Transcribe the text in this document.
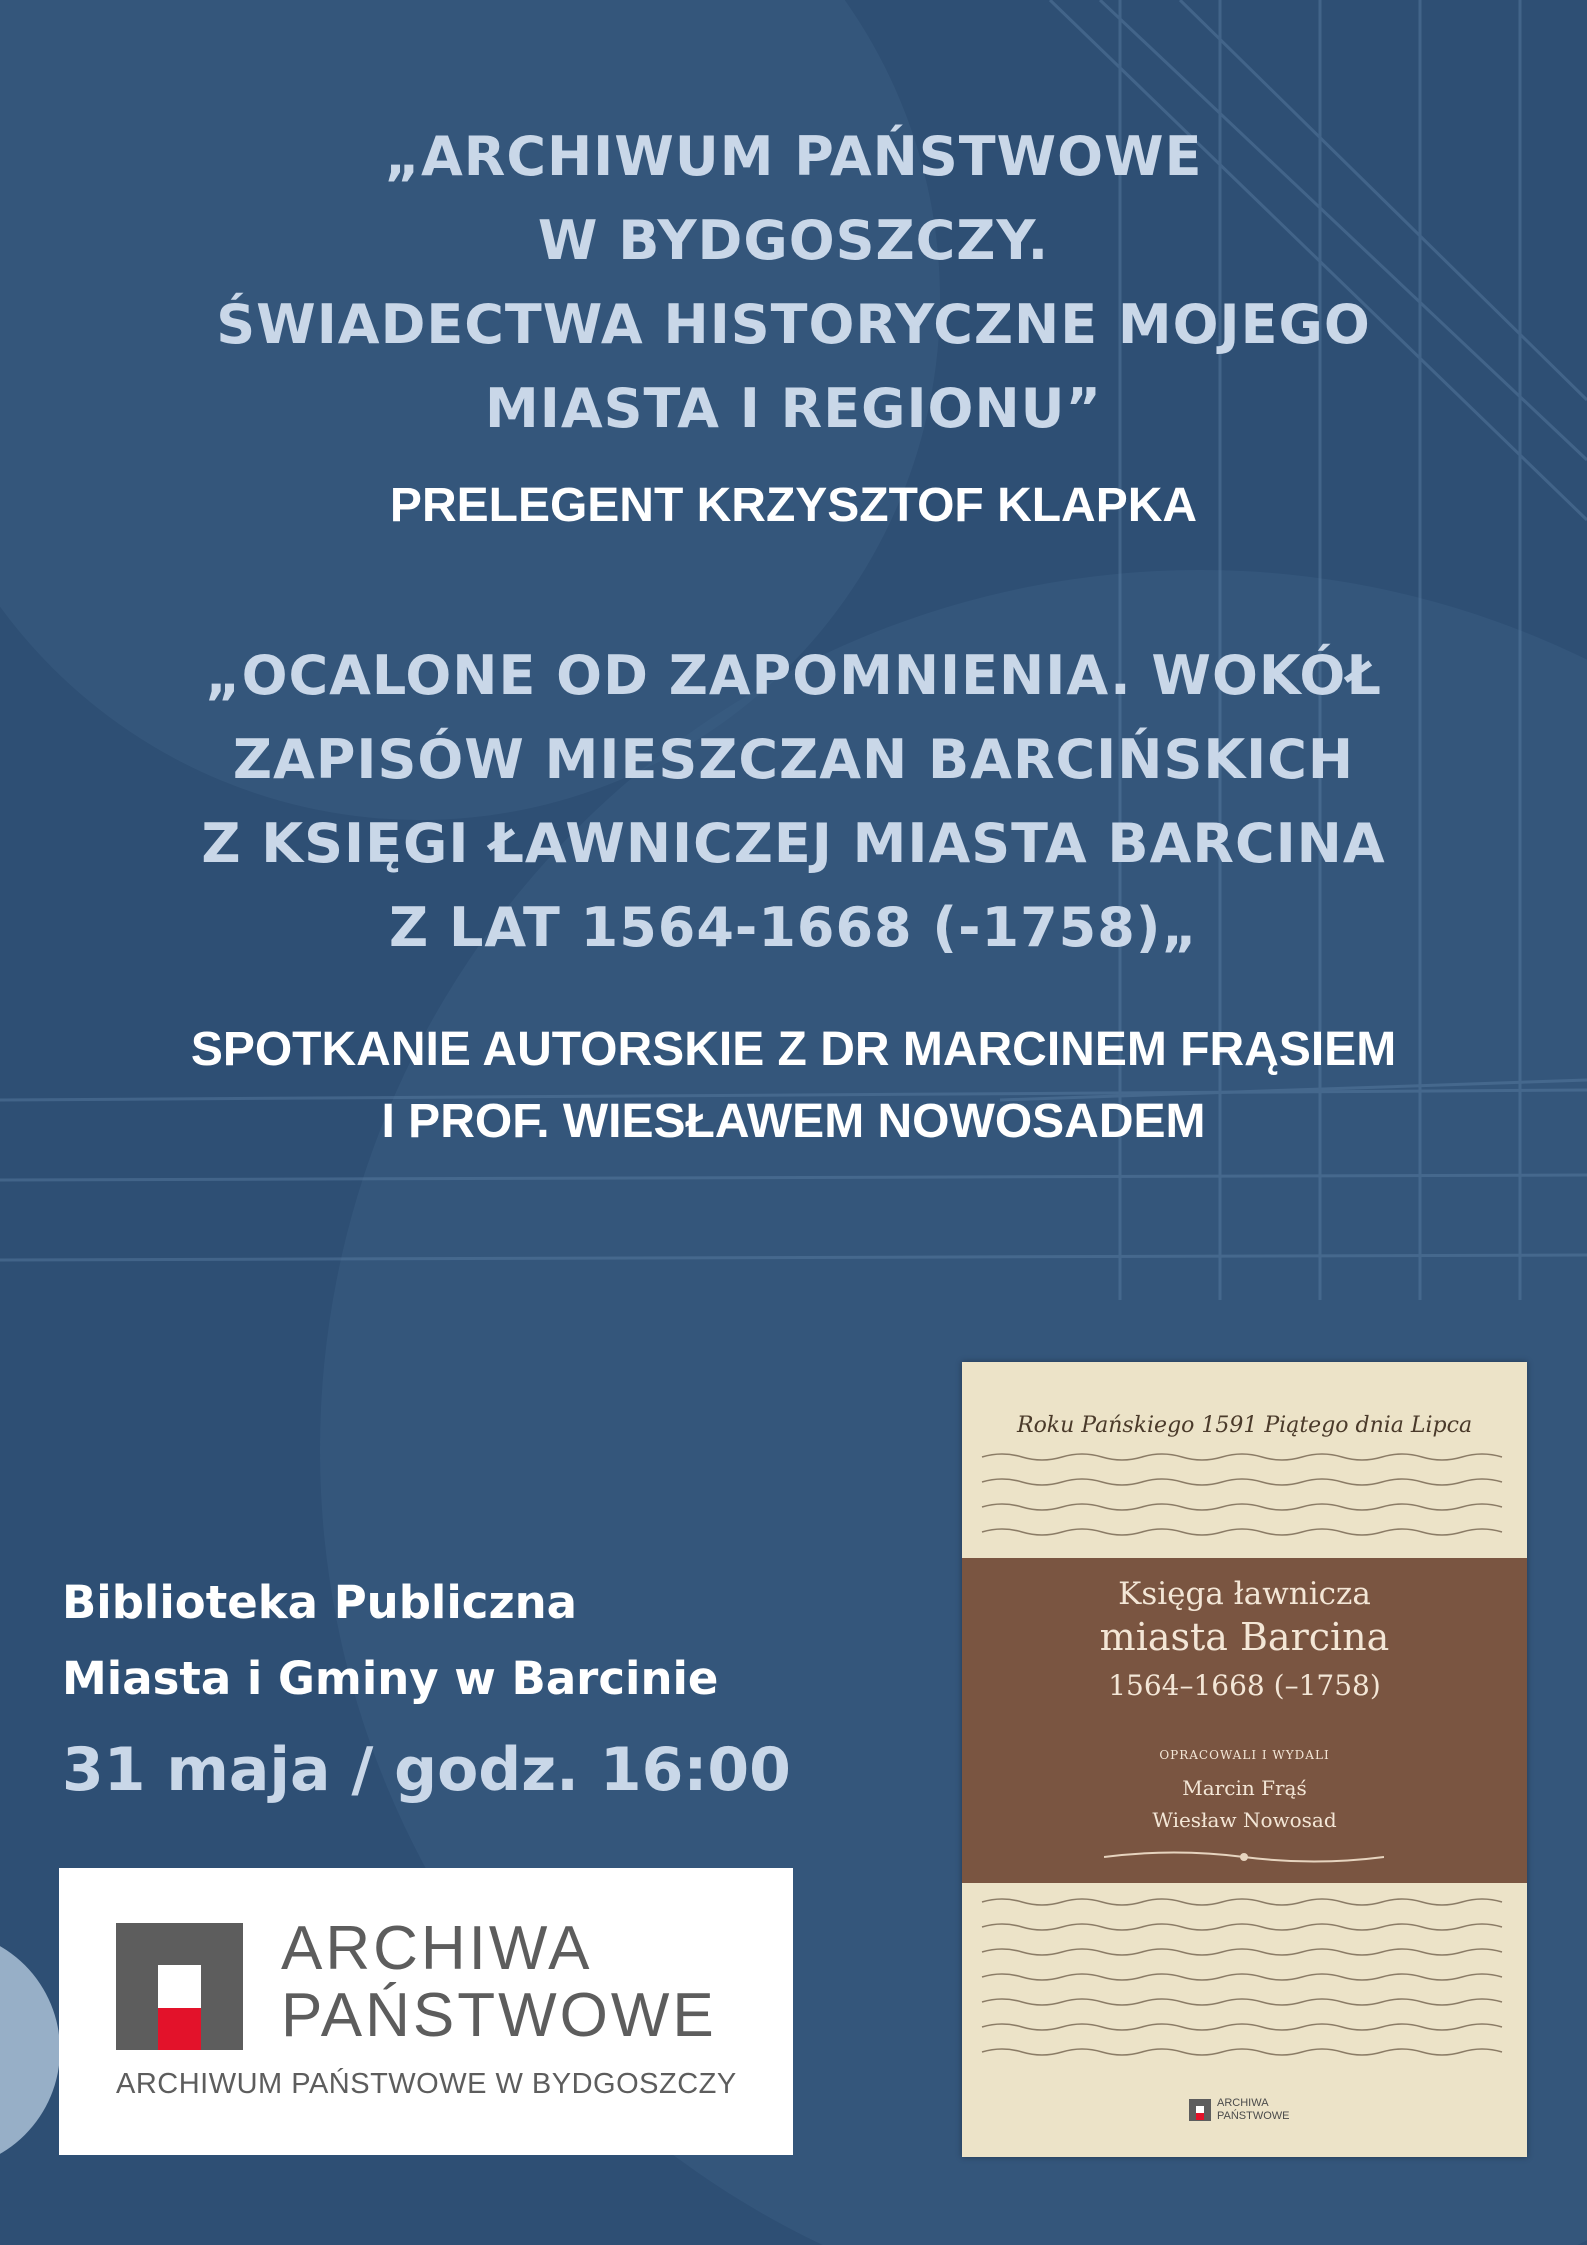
„ARCHIWUM PAŃSTWOWE
W BYDGOSZCZY.
ŚWIADECTWA HISTORYCZNE MOJEGO
MIASTA I REGIONU”
PRELEGENT KRZYSZTOF KLAPKA
„OCALONE OD ZAPOMNIENIA. WOKÓŁ
ZAPISÓW MIESZCZAN BARCIŃSKICH
Z KSIĘGI ŁAWNICZEJ MIASTA BARCINA
Z LAT 1564-1668 (-1758)„
SPOTKANIE AUTORSKIE Z DR MARCINEM FRĄSIEM
I PROF. WIESŁAWEM NOWOSADEM
Biblioteka Publiczna
Miasta i Gminy w Barcinie
31 maja / godz. 16:00
ARCHIWA
PAŃSTWOWE
ARCHIWUM PAŃSTWOWE W BYDGOSZCZY
Roku Pańskiego 1591 Piątego dnia Lipca
Księga ławnicza
miasta Barcina
1564–1668 (–1758)
OPRACOWALI I WYDALI
Marcin Frąś
Wiesław Nowosad
ARCHIWA
PAŃSTWOWE
